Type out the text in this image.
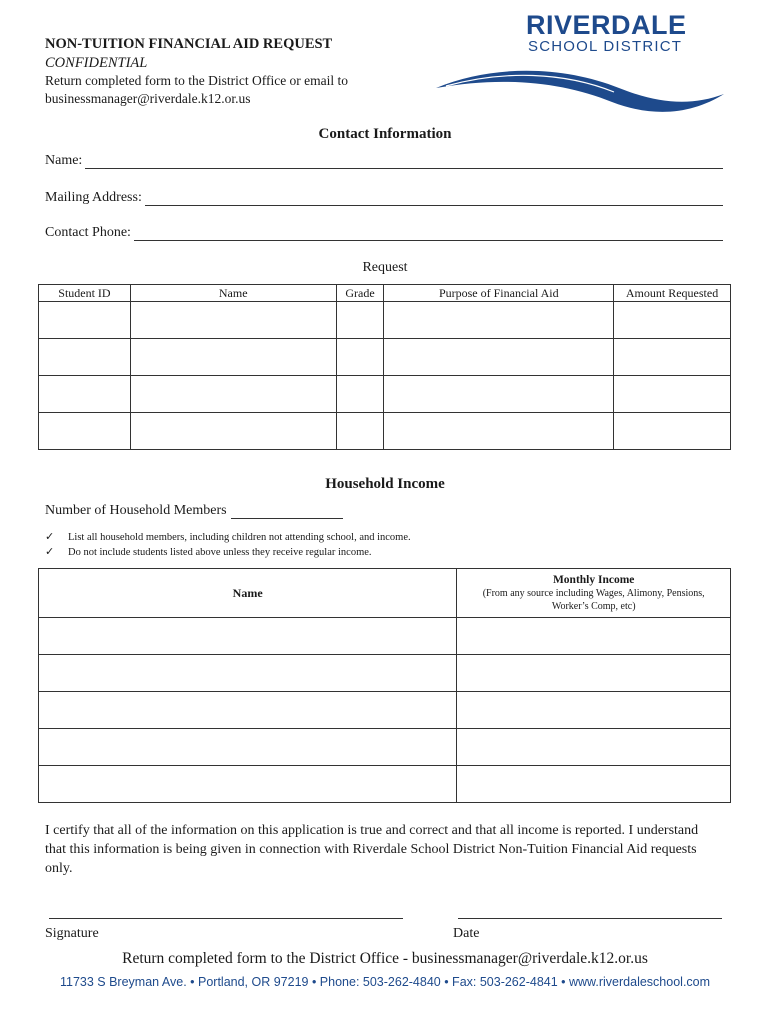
NON-TUITION FINANCIAL AID REQUEST
CONFIDENTIAL
Return completed form to the District Office or email to
businessmanager@riverdale.k12.or.us
RIVERDALE
SCHOOL DISTRICT
Contact Information
Name:
Mailing Address:
Contact Phone:
Request
Student ID	Name	Grade	Purpose of Financial Aid	Amount Requested

Household Income
Number of Household Members
✓ List all household members, including children not attending school, and income.
✓ Do not include students listed above unless they receive regular income.
Name	Monthly Income
(From any source including Wages, Alimony, Pensions,
Worker’s Comp, etc)

I certify that all of the information on this application is true and correct and that all income is reported. I understand that this information is being given in connection with Riverdale School District Non-Tuition Financial Aid requests only.
Signature	Date
Return completed form to the District Office - businessmanager@riverdale.k12.or.us
11733 S Breyman Ave. • Portland, OR 97219 • Phone: 503-262-4840 • Fax: 503-262-4841 • www.riverdaleschool.com
